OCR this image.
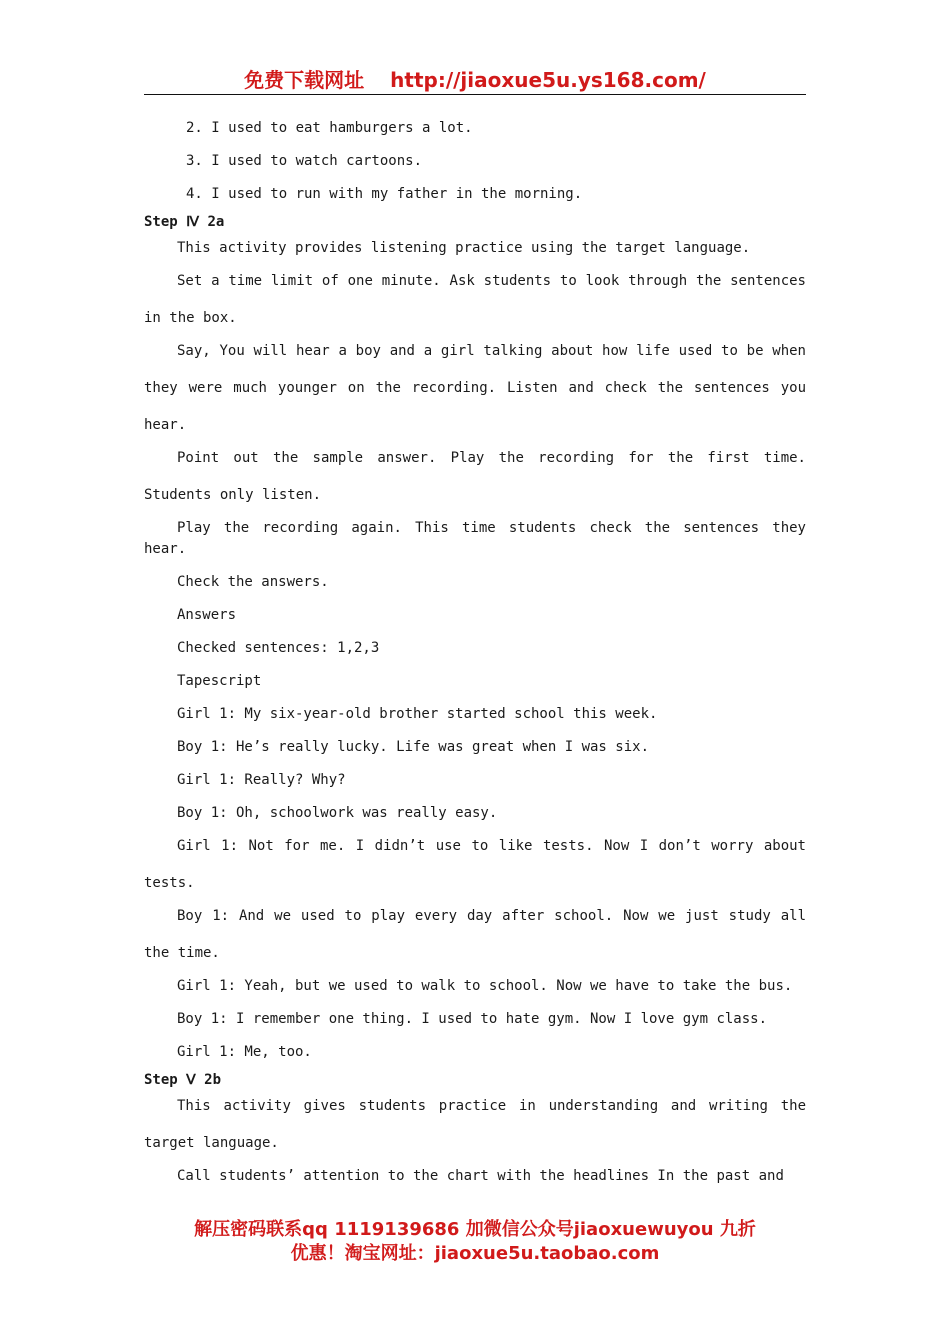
免费下载网址 http://jiaoxue5u.ys168.com/

2. I used to eat hamburgers a lot.

3. I used to watch cartoons.

4. I used to run with my father in the morning.

Step Ⅳ 2a

This activity provides listening practice using the target language.

Set a time limit of one minute. Ask students to look through the sentences in the box.

Say, You will hear a boy and a girl talking about how life used to be when they were much younger on the recording. Listen and check the sentences you hear.

Point out the sample answer. Play the recording for the first time. Students only listen.

Play the recording again. This time students check the sentences they hear.

Check the answers.

Answers

Checked sentences: 1,2,3

Tapescript

Girl 1: My six-year-old brother started school this week.

Boy 1: He’s really lucky. Life was great when I was six.

Girl 1: Really? Why?

Boy 1: Oh, schoolwork was really easy.

Girl 1: Not for me. I didn’t use to like tests. Now I don’t worry about tests.

Boy 1: And we used to play every day after school. Now we just study all the time.

Girl 1: Yeah, but we used to walk to school. Now we have to take the bus.

Boy 1: I remember one thing. I used to hate gym. Now I love gym class.

Girl 1: Me, too.

Step Ⅴ 2b

This activity gives students practice in understanding and writing the target language.

Call students’ attention to the chart with the headlines In the past and

解压密码联系qq 1119139686 加微信公众号jiaoxuewuyou 九折
优惠！淘宝网址：jiaoxue5u.taobao.com
